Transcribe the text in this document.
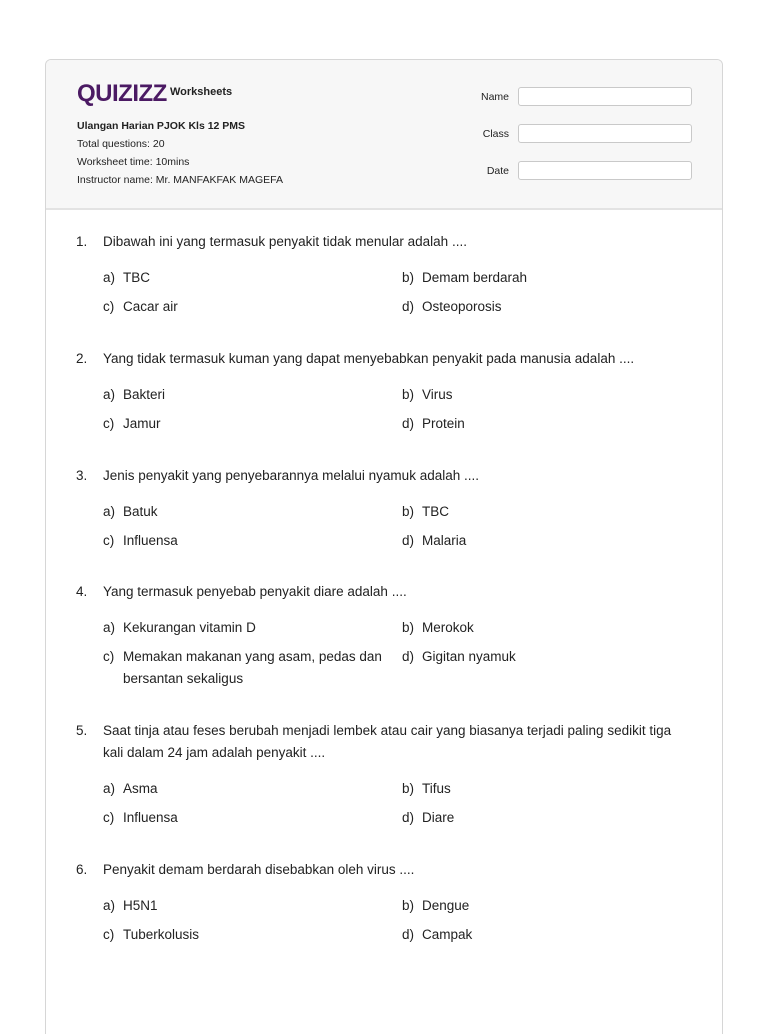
QUIZIZZ Worksheets
Ulangan Harian PJOK Kls 12 PMS
Total questions: 20
Worksheet time: 10mins
Instructor name: Mr. MANFAKFAK MAGEFA
Name
Class
Date
1.	Dibawah ini yang termasuk penyakit tidak menular adalah ....
a) TBC	b) Demam berdarah
c) Cacar air	d) Osteoporosis
2.	Yang tidak termasuk kuman yang dapat menyebabkan penyakit pada manusia adalah ....
a) Bakteri	b) Virus
c) Jamur	d) Protein
3.	Jenis penyakit yang penyebarannya melalui nyamuk adalah ....
a) Batuk	b) TBC
c) Influensa	d) Malaria
4.	Yang termasuk penyebab penyakit diare adalah ....
a) Kekurangan vitamin D	b) Merokok
c) Memakan makanan yang asam, pedas dan bersantan sekaligus
d) Gigitan nyamuk
5.	Saat tinja atau feses berubah menjadi lembek atau cair yang biasanya terjadi paling sedikit tiga kali dalam 24 jam adalah penyakit ....
a) Asma	b) Tifus
c) Influensa	d) Diare
6.	Penyakit demam berdarah disebabkan oleh virus ....
a) H5N1	b) Dengue
c) Tuberkolusis	d) Campak
